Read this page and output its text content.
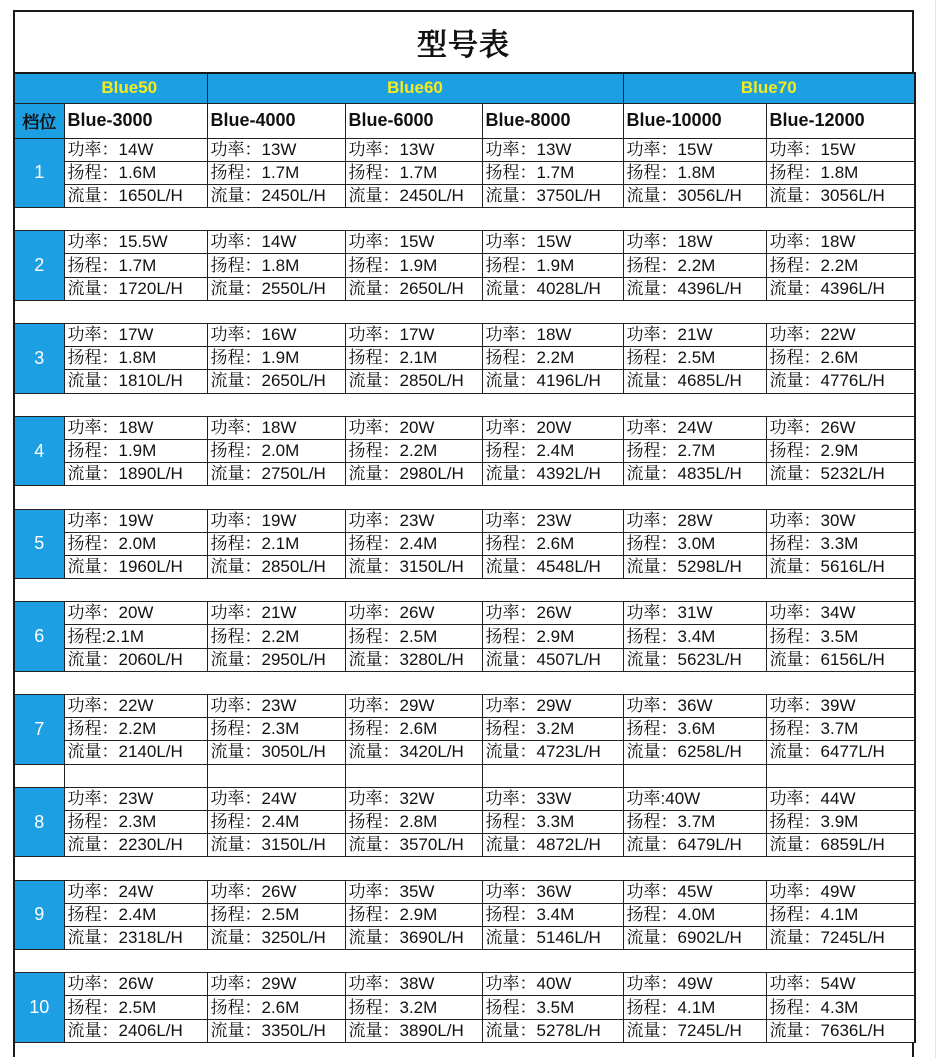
型号表
Blue50		Blue60			Blue70	
档位	Blue-3000	Blue-4000	Blue-6000	Blue-8000	Blue-10000	Blue-12000
1	功率：14W	功率：13W	功率：13W	功率：13W	功率：15W	功率：15W
	扬程：1.6M	扬程：1.7M	扬程：1.7M	扬程：1.7M	扬程：1.8M	扬程：1.8M
	流量：1650L/H	流量：2450L/H	流量：2450L/H	流量：3750L/H	流量：3056L/H	流量：3056L/H

2	功率：15.5W	功率：14W	功率：15W	功率：15W	功率：18W	功率：18W
	扬程：1.7M	扬程：1.8M	扬程：1.9M	扬程：1.9M	扬程：2.2M	扬程：2.2M
	流量：1720L/H	流量：2550L/H	流量：2650L/H	流量：4028L/H	流量：4396L/H	流量：4396L/H

3	功率：17W	功率：16W	功率：17W	功率：18W	功率：21W	功率：22W
	扬程：1.8M	扬程：1.9M	扬程：2.1M	扬程：2.2M	扬程：2.5M	扬程：2.6M
	流量：1810L/H	流量：2650L/H	流量：2850L/H	流量：4196L/H	流量：4685L/H	流量：4776L/H

4	功率：18W	功率：18W	功率：20W	功率：20W	功率：24W	功率：26W
	扬程：1.9M	扬程：2.0M	扬程：2.2M	扬程：2.4M	扬程：2.7M	扬程：2.9M
	流量：1890L/H	流量：2750L/H	流量：2980L/H	流量：4392L/H	流量：4835L/H	流量：5232L/H

5	功率：19W	功率：19W	功率：23W	功率：23W	功率：28W	功率：30W
	扬程：2.0M	扬程：2.1M	扬程：2.4M	扬程：2.6M	扬程：3.0M	扬程：3.3M
	流量：1960L/H	流量：2850L/H	流量：3150L/H	流量：4548L/H	流量：5298L/H	流量：5616L/H

6	功率：20W	功率：21W	功率：26W	功率：26W	功率：31W	功率：34W
	扬程:2.1M	扬程：2.2M	扬程：2.5M	扬程：2.9M	扬程：3.4M	扬程：3.5M
	流量：2060L/H	流量：2950L/H	流量：3280L/H	流量：4507L/H	流量：5623L/H	流量：6156L/H

7	功率：22W	功率：23W	功率：29W	功率：29W	功率：36W	功率：39W
	扬程：2.2M	扬程：2.3M	扬程：2.6M	扬程：3.2M	扬程：3.6M	扬程：3.7M
	流量：2140L/H	流量：3050L/H	流量：3420L/H	流量：4723L/H	流量：6258L/H	流量：6477L/H

8	功率：23W	功率：24W	功率：32W	功率：33W	功率:40W	功率：44W
	扬程：2.3M	扬程：2.4M	扬程：2.8M	扬程：3.3M	扬程：3.7M	扬程：3.9M
	流量：2230L/H	流量：3150L/H	流量：3570L/H	流量：4872L/H	流量：6479L/H	流量：6859L/H

9	功率：24W	功率：26W	功率：35W	功率：36W	功率：45W	功率：49W
	扬程：2.4M	扬程：2.5M	扬程：2.9M	扬程：3.4M	扬程：4.0M	扬程：4.1M
	流量：2318L/H	流量：3250L/H	流量：3690L/H	流量：5146L/H	流量：6902L/H	流量：7245L/H

10	功率：26W	功率：29W	功率：38W	功率：40W	功率：49W	功率：54W
	扬程：2.5M	扬程：2.6M	扬程：3.2M	扬程：3.5M	扬程：4.1M	扬程：4.3M
	流量：2406L/H	流量：3350L/H	流量：3890L/H	流量：5278L/H	流量：7245L/H	流量：7636L/H
